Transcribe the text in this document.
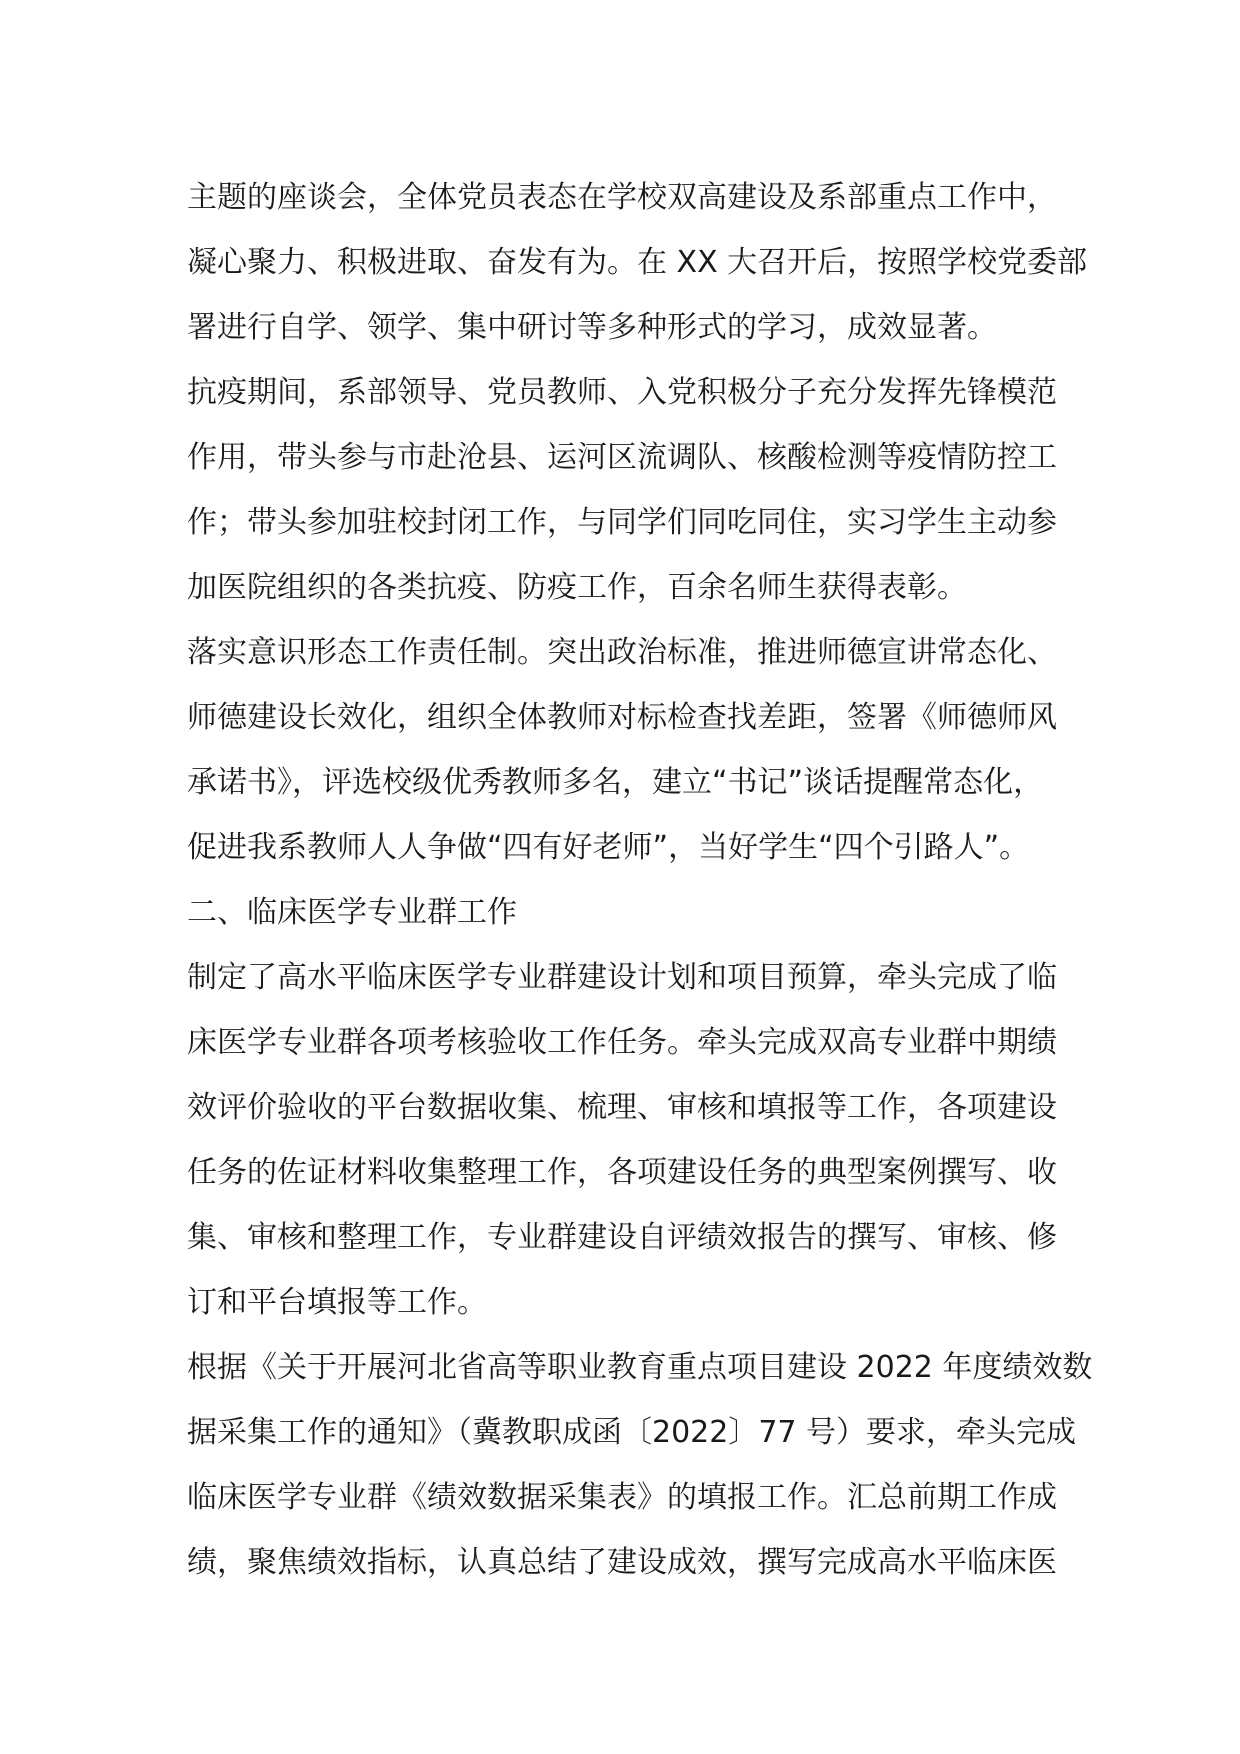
主题的座谈会，全体党员表态在学校双高建设及系部重点工作中，
凝心聚力、积极进取、奋发有为。在 XX 大召开后，按照学校党委部
署进行自学、领学、集中研讨等多种形式的学习，成效显著。
抗疫期间，系部领导、党员教师、入党积极分子充分发挥先锋模范
作用，带头参与市赴沧县、运河区流调队、核酸检测等疫情防控工
作；带头参加驻校封闭工作，与同学们同吃同住，实习学生主动参
加医院组织的各类抗疫、防疫工作，百余名师生获得表彰。
落实意识形态工作责任制。突出政治标准，推进师德宣讲常态化、
师德建设长效化，组织全体教师对标检查找差距，签署《师德师风
承诺书》，评选校级优秀教师多名，建立“书记”谈话提醒常态化，
促进我系教师人人争做“四有好老师”，当好学生“四个引路人”。
二、临床医学专业群工作
制定了高水平临床医学专业群建设计划和项目预算，牵头完成了临
床医学专业群各项考核验收工作任务。牵头完成双高专业群中期绩
效评价验收的平台数据收集、梳理、审核和填报等工作，各项建设
任务的佐证材料收集整理工作，各项建设任务的典型案例撰写、收
集、审核和整理工作，专业群建设自评绩效报告的撰写、审核、修
订和平台填报等工作。
根据《关于开展河北省高等职业教育重点项目建设 2022 年度绩效数
据采集工作的通知》（冀教职成函〔2022〕77 号）要求，牵头完成
临床医学专业群《绩效数据采集表》的填报工作。汇总前期工作成
绩，聚焦绩效指标，认真总结了建设成效，撰写完成高水平临床医
